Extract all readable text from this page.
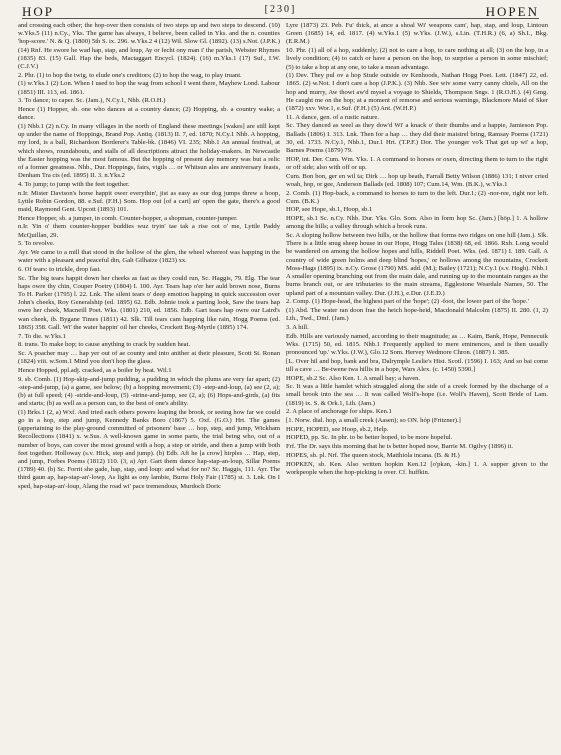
HOP	[230]	HOPEN

and crossing each other; the hop-over then consists of two steps up and two steps to descend. (10) w.Yks.5 (11) n.Cy., Yks. The game has always, I believe, been called in Yks. and the n. counties 'hop-score.' N. & Q. (1800) 5th S. ix. 296. w.Yks.2 4 (12) Wil. Slow Gl. (1892). (13) s.Not. (J.P.K.) (14) Rnf. He swore he wad hap, stap, and loup, Ay or fecht ony man i' the parish, Webster Rhymes (1835) 83. (15) Gall. Hap the beds, Mactaggart Encycl. (1824). (16) m.Yks.1 (17) Suf., I.W. (C.J.V.)

2. Phr. (1) to hop the twig, to elude one's creditors; (2) to hop the wag, to play truant.

(1) w.Yks.1 (2) Lon. When I used to hop the wag from school I went there, Mayhew Lond. Labour (1851) III. 113, ed. 1861.

3. To dance; to caper. Sc. (Jam.), N.Cy.1, Nhb. (R.O.H.)

Hence (1) Hopper, sb. one who dances at a country dance; (2) Hopping, sb. a country wake; a dance.

(1) Nhb.1 (2) n.Cy. In many villages in the north of England these meetings [wakes] are still kept up under the name of Hoppings, Brand Pop. Antiq. (1813) II. 7, ed. 1870; N.Cy.1 Nhb. A hopping, my lord, is a ball, Richardson Borderer's Table-bk. (1846) VI. 235; Nhb.1 An annual festival, at which shows, roundabouts, and stalls of all descriptions attract the holiday-makers. In Newcastle the Easter hopping was the most famous. But the hopping of present day memory was but a relic of a former greatness. Nhb., Dur. Hoppings, fairs, vigils … or Whitsun ales are anniversary feasts, Denham Tra cts (ed. 1895) II. 3. n.Yks.2

4. To jump; to jump with the feet together.

n.Ir. Mister Davison's horse happit ower everythin', jist as easy as our dog jumps threw a hoop, Lyttle Robin Gordon, 88. e.Suf. (F.H.) Som. Hop out [of a cart] an' open the gate, there's a good maid, Raymond Gent. Upcott (1893) 101.

Hence Hopper, sb. a jumper, in comb. Counter-hopper, a shopman, counter-jumper.

n.Ir. Yin o' them counter-hopper buddies wuz tryin' tae tak a rise oot o' me, Lyttle Paddy McQuillan, 29.

5. To revolve.

Ayr. We came to a mill that stood in the hollow of the glen, the wheel whereof was happing in the water with a pleasant and peaceful din, Galt Gilhaize (1823) xx.

6. Of tears: to trickle, drop fast.

Sc. The big tears happit down her cheeks as fast as they could run, Sc. Haggis, 79. Elg. The tear haps owre thy chin, Couper Poetry (1804) I. 100. Ayr. Tears hap o'er her auld brown nose, Burns To H. Parker (1795) l. 22. Lnk. The silent tears o' deep emotion happing in quick succession over John's cheeks, Roy Generalship (ed. 1895) 62. Edb. Johnie took a parting look, Saw the tears hap owre her cheek, Macneill Poet. Wks. (1801) 210, ed. 1856. Edb. Gart tears hap owre our Laird's wan cheek, ib. Bygane Times (1811) 42. Slk. Till tears cam happing like rain, Hogg Poems (ed. 1865) 358. Gall. Wi' the water happin' oil her cheeks, Crockett Bog-Myrtle (1895) 174.

7. To die. w.Yks.1

8. trans. To make hop; to cause anything to crack by sudden heat.

Sc. A poacher may … hap yer out of ae county and into anither at their pleasure, Scott St. Ronan (1824) viii. w.Som.1 Mind you don't hop the glass.

Hence Hopped, ppl.adj. cracked, as a boiler by heat. Wil.1

9. sb. Comb. (1) Hop-skip-and-jump pudding, a pudding in which the plums are very far apart; (2) -step-and-jump, (a) a game, see below; (b) a hopping movement; (3) -step-and-loup, (a) see (2, a); (b) at full speed; (4) -stride-and-loup, (5) -strine-and-jump, see (2, a); (6) Hops-and-girds, (a) fits and starts; (b) as well as a person can, to the best of one's ability.

(1) Brks.1 (2, a) Wxf. And tried each others powers leaping the brook, or seeing how far we could go in a hop, step and jump, Kennedy Banks Boro (1867) 5. Oxf. (G.O.) Hrt. The games (appertaining to the play-ground committed of prisoners' base … hop, step, and jump, Wickham Recollections (1841) x. w.Sus. A well-known game in some parts, the trial being who, out of a number of boys, can cover the most ground with a hop, a step or stride, and then a jump with both feet together. Holloway (s.v. Hick, step and jump). (b) Edb. Aft he [a crow] hirples … Hap, step, and jump, Forbes Poems (1812) 110. (3, a) Ayr. Gart them dance hap-stap-an-loup, Sillar Poems (1789) 40. (b) Sc. Forrit she gade, hap, stap, and loup: and what for no? Sc. Haggis, 111. Ayr. The third gaun ap, hap-stap-an'-lowp, As light as ony lambie, Burns Holy Fair (1785) st. 3. Lnk. On I sped, hap-stap-an'-loup, Alang the road wi' pace tremendous, Murdoch Doric

Lyre (1873) 23. Peb. Fu' thick, at ance a shoal Wi' weapons cam', hap, stap, and loup, Lintoun Green (1685) 14, ed. 1817. (4) w.Yks.1 (5) w.Yks. (J.W.), s.Lin. (T.H.R.) (6, a) Sh.I., Bkg. (E.R.M.)

10. Phr. (1) all of a hop, suddenly; (2) not to care a hop, to care nothing at all; (3) on the hop, in a lively condition; (4) to catch or have a person on the hop, to surprise a person in some mischief; (5) to take a hop at any one, to take a mean advantage.

(1) Dev. They pul ov a hop Stude outside ov Kenhoods, Nathan Hogg Poet. Lett. (1847) 22, ed. 1865. (2) w.Not. I don't care a hop (J.P.K.). (3) Nhb. See wiv some varry canny chiels, All on the hop and murry, Aw thowt aw'd mysel a voyage to Shields, Thompson Sngs. 1 (R.O.H.). (4) Gmg. He caught me on the hop; at a moment of remorse and serious warnings, Blackmore Maid of Sker (1872) xxv. Wor.1, e.Suf. (F.H.) (5) Ant. (W.H.P.)

11. A dance, gen. of a rustic nature.

Sc. They danced as weel as they dow'd Wi' a knack o' their thumbs and a happie, Jamieson Pop. Ballads (1806) I. 313. Lnk. Then for a hap … they did their maistrel bring, Ramsay Poems (1721) 30, ed. 1733. N.Cy.1, Nhb.1, Dur.1 Hrt. (T.P.F.) Dor. The younger vo'k That get up wi' a hop, Barnes Poems (1879) 79.

HOP, int. Der. Cum. Wm. Yks. 1. A command to horses or oxen, directing them to turn to the right or off side; also with off or up.

Cum. Bon bon, ger en wil ta; Dirk … hop up beath, Farrall Betty Wilson (1886) 131; I niver cried woah, hop, or gee, Anderson Ballads (ed. 1808) 107; Cum.14, Wm. (B.K.), w.Yks.1

2. Comb. (1) Hop-back, a command to horses to turn to the left. Dur.1; (2) -nor-ree, right nor left. Cum. (B.K.)

HOP, see Hope, sb.1, Hoop, sb.1

HOPE, sb.1 Sc. n.Cy. Nhb. Dur. Yks. Glo. Som. Also in form hop Sc. (Jam.) [hōp.] 1. A hollow among the hills; a valley through which a brook runs.

Sc. A sloping hollow between two hills, or the hollow that forms two ridges on one hill (Jam.). Slk. There is a little snug sheep house in our Hope, Hogg Tales (1838) 68, ed. 1866. Rxb. Long would be wandered on among the hollow hopes and hills, Riddell Poet. Wks. (ed. 1871) I. 189. Gall. A country of wide green holms and deep blind 'hopes,' or hollows among the mountains, Crockett Moss-Hags (1895) ix. n.Cy. Grose (1790) MS. add. (M.); Bailey (1721); N.Cy.1 (s.v. Hogh). Nhb.1 A smaller opening branching out from the main dale, and running up to the mountain ranges as the burns branch out, or are tributaries to the main streams, Egglestone Weardale Names, 50. The upland part of a mountain valley. Dur. (J.H.), e.Dur. (J.E.D.)

2. Comp. (1) Hope-head, the highest part of the 'hope'; (2) -foot, the lower part of the 'hope.'

(1) Abd. The water ran doon frae the heich hope-heid, Macdonald Malcolm (1875) II. 280. (1, 2) Lth., Twd., Dmf. (Jam.)

3. A hill.

Edb. Hills are variously named, according to their magnitude; as … Kaim, Bank, Hope, Pennecuik Wks. (1715) 50, ed. 1815. Nhb.1 Frequently applied to mere eminences, and is then usually pronounced 'up.' w.Yks. (J.W.), Glo.12 Som. Hervey Wedmore Chron. (1887) I. 385.

[L. Over hil and hop, bank and bra, Dalrymple Leslie's Hist. Scotl. (1596) I. 163; And so bai come till a cave … Be-twene twa hillis in a hope, Wars Alex. (c. 1450) 5390.]

HOPE, sb.2 Sc. Also Ken. 1. A small bay; a haven.

Sc. It was a little hamlet which straggled along the side of a creek formed by the discharge of a small brook into the sea … It was called Wolf's-hope (i.e. Wolf's Haven), Scott Bride of Lam. (1819) ix. S. & Ork.1, Lth. (Jam.)

2. A place of anchorage for ships. Ken.1

[1. Norw. dial. hop, a small creek (Aasen); so ON. hóp (Fritzner).]

HOPE, HOPED, see Hoop, sb.2, Help.

HOPED, pp. Sc. In phr. to be better hoped, to be more hopeful.

Frf. The Dr. says this morning that he is better hoped now, Barrie M. Ogilvy (1896) ii.

HOPES, sb. pl. Nrf. The queen stock, Matthiola incana. (B. & H.)

HOPKEN, sb. Ken. Also written hopkin Ken.12 [o'pkən, -kin.] 1. A supper given to the workpeople when the hop-picking is over. Cf. huffkin.
